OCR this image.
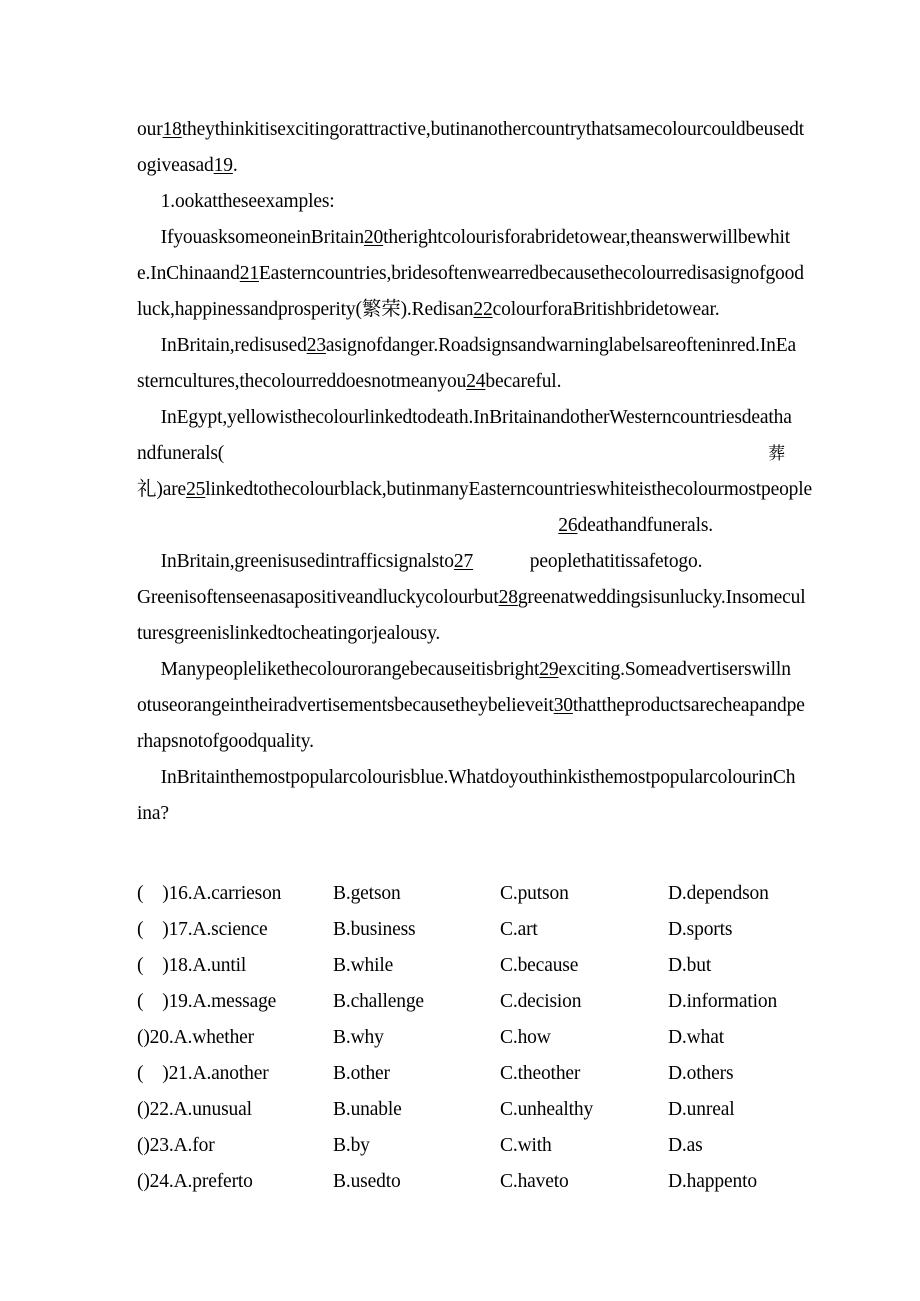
our18theythinkitisexcitingorattractive,butinanothercountrythatsamecolourcouldbeusedt
ogiveasad19.
1.ookattheseexamples:
IfyouasksomeoneinBritain20therightcolourisforabridetowear,theanswerwillbewhit
e.InChinaand21Easterncountries,bridesoftenwearredbecausethecolourredisasignofgood
luck,happinessandprosperity(繁荣).Redisan22colourforaBritishbridetowear.
InBritain,redisused23asignofdanger.Roadsignsandwarninglabelsareofteninred.InEa
sterncultures,thecolourreddoesnotmeanyou24becareful.
InEgypt,yellowisthecolourlinkedtodeath.InBritainandotherWesterncountriesdeatha
ndfunerals(	葬
礼)are25linkedtothecolourblack,butinmanyEasterncountrieswhiteisthecolourmostpeople
26deathandfunerals.
InBritain,greenisusedintrafficsignalsto27            peoplethatitissafetogo.
Greenisoftenseenasapositiveandluckycolourbut28greenatweddingsisunlucky.Insomecul
turesgreenislinkedtocheatingorjealousy.
Manypeoplelikethecolourorangebecauseitisbright29exciting.Someadvertiserswilln
otuseorangeintheiradvertisementsbecausetheybelieveit30thattheproductsarecheapandpe
rhapsnotofgoodquality.
InBritainthemostpopularcolourisblue.WhatdoyouthinkisthemostpopularcolourinCh
ina?
(    )16.A.carrieson	B.getson	C.putson	D.dependson
(    )17.A.science	B.business	C.art	D.sports
(    )18.A.until	B.while	C.because	D.but
(    )19.A.message	B.challenge	C.decision	D.information
()20.A.whether	B.why	C.how	D.what
(    )21.A.another	B.other	C.theother	D.others
()22.A.unusual	B.unable	C.unhealthy	D.unreal
()23.A.for	B.by	C.with	D.as
()24.A.preferto	B.usedto	C.haveto	D.happento
